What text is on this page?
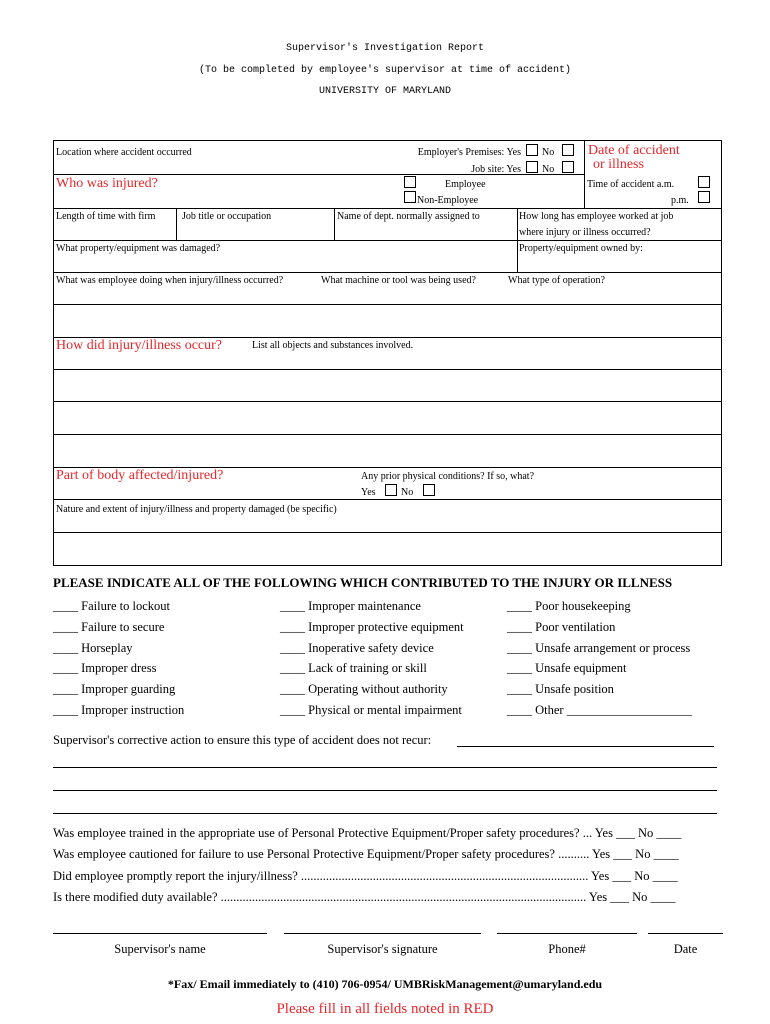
Supervisor's Investigation Report
(To be completed by employee's supervisor at time of accident)
UNIVERSITY OF MARYLAND
Location where accident occurred	Employer's Premises: Yes No
Job site: Yes No
Date of accident
or illness
Who was injured?	Employee
Non-Employee
Time of accident a.m.
p.m.
Length of time with firm	Job title or occupation	Name of dept. normally assigned to	How long has employee worked at job
where injury or illness occurred?
What property/equipment was damaged?	Property/equipment owned by:
What was employee doing when injury/illness occurred?	What machine or tool was being used?	What type of operation?
How did injury/illness occur?	List all objects and substances involved.
Part of body affected/injured?	Any prior physical conditions? If so, what?
Yes	No
Nature and extent of injury/illness and property damaged (be specific)
PLEASE INDICATE ALL OF THE FOLLOWING WHICH CONTRIBUTED TO THE INJURY OR ILLNESS
____ Failure to lockout
____ Failure to secure
____ Horseplay
____ Improper dress
____ Improper guarding
____ Improper instruction
____ Improper maintenance
____ Improper protective equipment
____ Inoperative safety device
____ Lack of training or skill
____ Operating without authority
____ Physical or mental impairment
____ Poor housekeeping
____ Poor ventilation
____ Unsafe arrangement or process
____ Unsafe equipment
____ Unsafe position
____ Other ____________________
Supervisor's corrective action to ensure this type of accident does not recur:
Was employee trained in the appropriate use of Personal Protective Equipment/Proper safety procedures? ... Yes ___ No ____
Was employee cautioned for failure to use Personal Protective Equipment/Proper safety procedures? .......... Yes ___ No ____
Did employee promptly report the injury/illness? ............................................................................................ Yes ___ No ____
Is there modified duty available? ..................................................................................................................... Yes ___ No ____
Supervisor's name	Supervisor's signature	Phone#	Date
*Fax/ Email immediately to (410) 706-0954/ UMBRiskManagement@umaryland.edu
Please fill in all fields noted in RED
